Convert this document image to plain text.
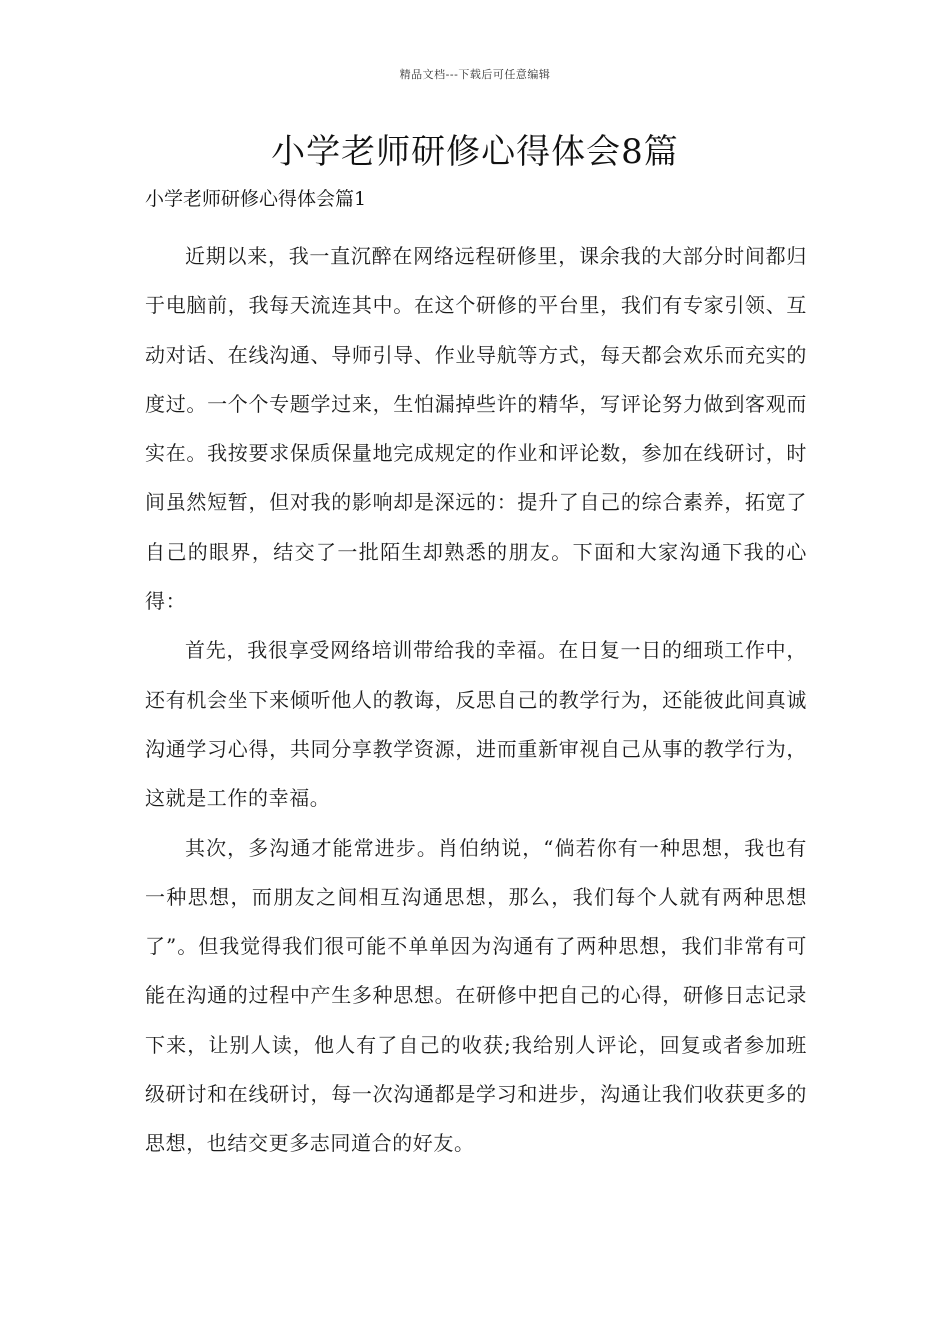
精品文档---下载后可任意编辑
小学老师研修心得体会8篇
小学老师研修心得体会篇1

近期以来，我一直沉醉在网络远程研修里，课余我的大部分时间都归于电脑前，我每天流连其中。在这个研修的平台里，我们有专家引领、互动对话、在线沟通、导师引导、作业导航等方式，每天都会欢乐而充实的度过。一个个专题学过来，生怕漏掉些许的精华，写评论努力做到客观而实在。我按要求保质保量地完成规定的作业和评论数，参加在线研讨，时间虽然短暂，但对我的影响却是深远的：提升了自己的综合素养，拓宽了自己的眼界，结交了一批陌生却熟悉的朋友。下面和大家沟通下我的心得：

首先，我很享受网络培训带给我的幸福。在日复一日的细琐工作中，还有机会坐下来倾听他人的教诲，反思自己的教学行为，还能彼此间真诚沟通学习心得，共同分享教学资源，进而重新审视自己从事的教学行为，这就是工作的幸福。

其次，多沟通才能常进步。肖伯纳说，“倘若你有一种思想，我也有一种思想，而朋友之间相互沟通思想，那么，我们每个人就有两种思想了”。但我觉得我们很可能不单单因为沟通有了两种思想，我们非常有可能在沟通的过程中产生多种思想。在研修中把自己的心得，研修日志记录下来，让别人读，他人有了自己的收获;我给别人评论，回复或者参加班级研讨和在线研讨，每一次沟通都是学习和进步，沟通让我们收获更多的思想，也结交更多志同道合的好友。
